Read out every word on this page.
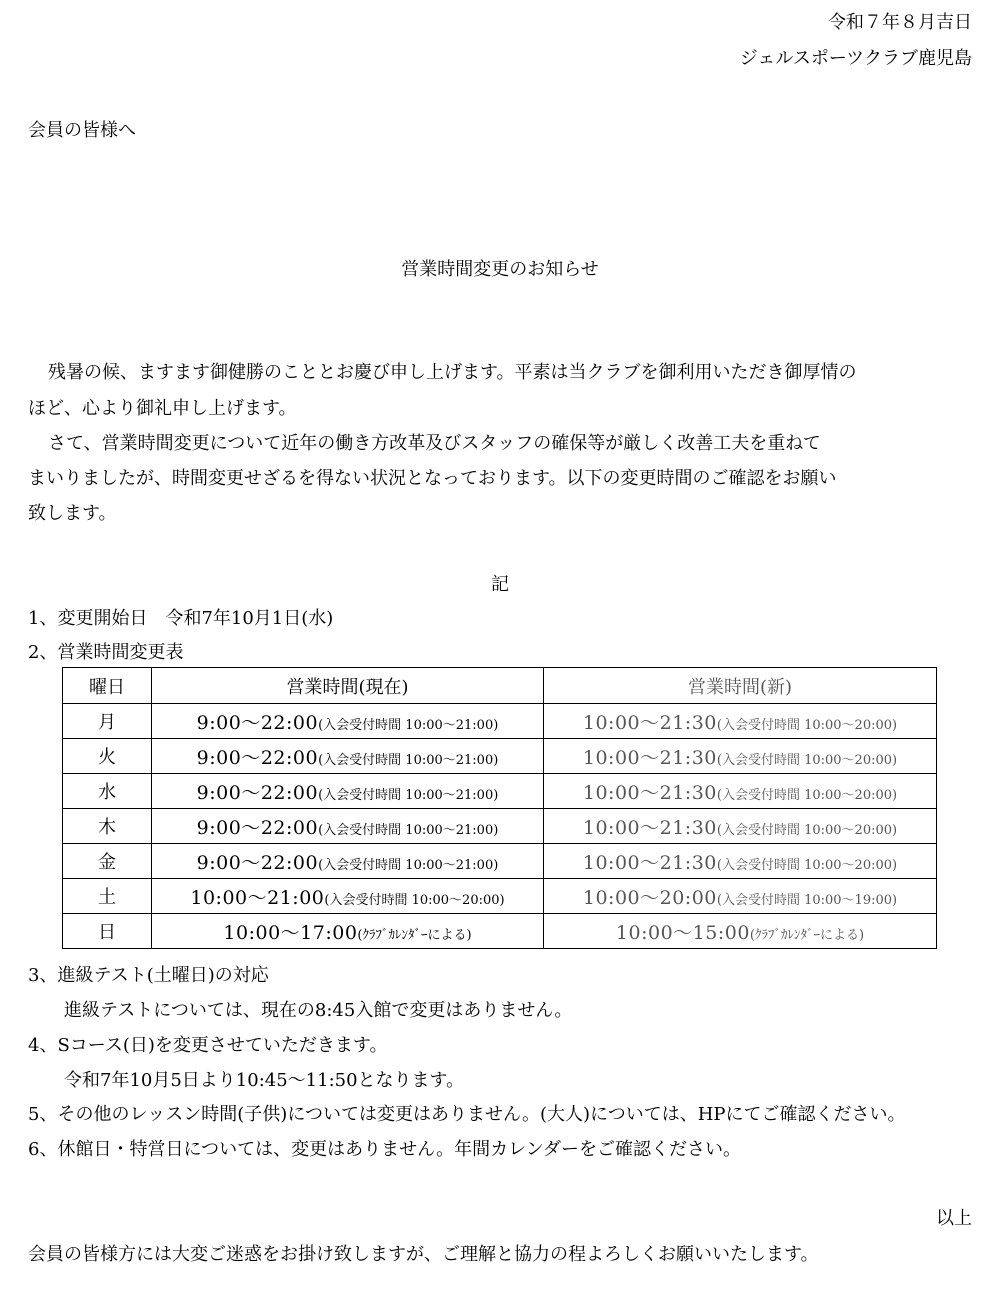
令和７年８月吉日
ジェルスポーツクラブ鹿児島
会員の皆様へ
営業時間変更のお知らせ
残暑の候、ますます御健勝のこととお慶び申し上げます。平素は当クラブを御利用いただき御厚情の
ほど、心より御礼申し上げます。
さて、営業時間変更について近年の働き方改革及びスタッフの確保等が厳しく改善工夫を重ねて
まいりましたが、時間変更せざるを得ない状況となっております。以下の変更時間のご確認をお願い
致します。
記
1、変更開始日　令和7年10月1日(水)
2、営業時間変更表
曜日	営業時間(現在)	営業時間(新)
月	9:00～22:00(入会受付時間 10:00～21:00)	10:00～21:30(入会受付時間 10:00～20:00)
火	9:00～22:00(入会受付時間 10:00～21:00)	10:00～21:30(入会受付時間 10:00～20:00)
水	9:00～22:00(入会受付時間 10:00～21:00)	10:00～21:30(入会受付時間 10:00～20:00)
木	9:00～22:00(入会受付時間 10:00～21:00)	10:00～21:30(入会受付時間 10:00～20:00)
金	9:00～22:00(入会受付時間 10:00～21:00)	10:00～21:30(入会受付時間 10:00～20:00)
土	10:00～21:00(入会受付時間 10:00～20:00)	10:00～20:00(入会受付時間 10:00～19:00)
日	10:00～17:00(ｸﾗﾌﾞｶﾚﾝﾀﾞｰによる)	10:00～15:00(ｸﾗﾌﾞｶﾚﾝﾀﾞｰによる)
3、進級テスト(土曜日)の対応
進級テストについては、現在の8:45入館で変更はありません。
4、Sコース(日)を変更させていただきます。
令和7年10月5日より10:45～11:50となります。
5、その他のレッスン時間(子供)については変更はありません。(大人)については、HPにてご確認ください。
6、休館日・特営日については、変更はありません。年間カレンダーをご確認ください。
以上
会員の皆様方には大変ご迷惑をお掛け致しますが、ご理解と協力の程よろしくお願いいたします。
